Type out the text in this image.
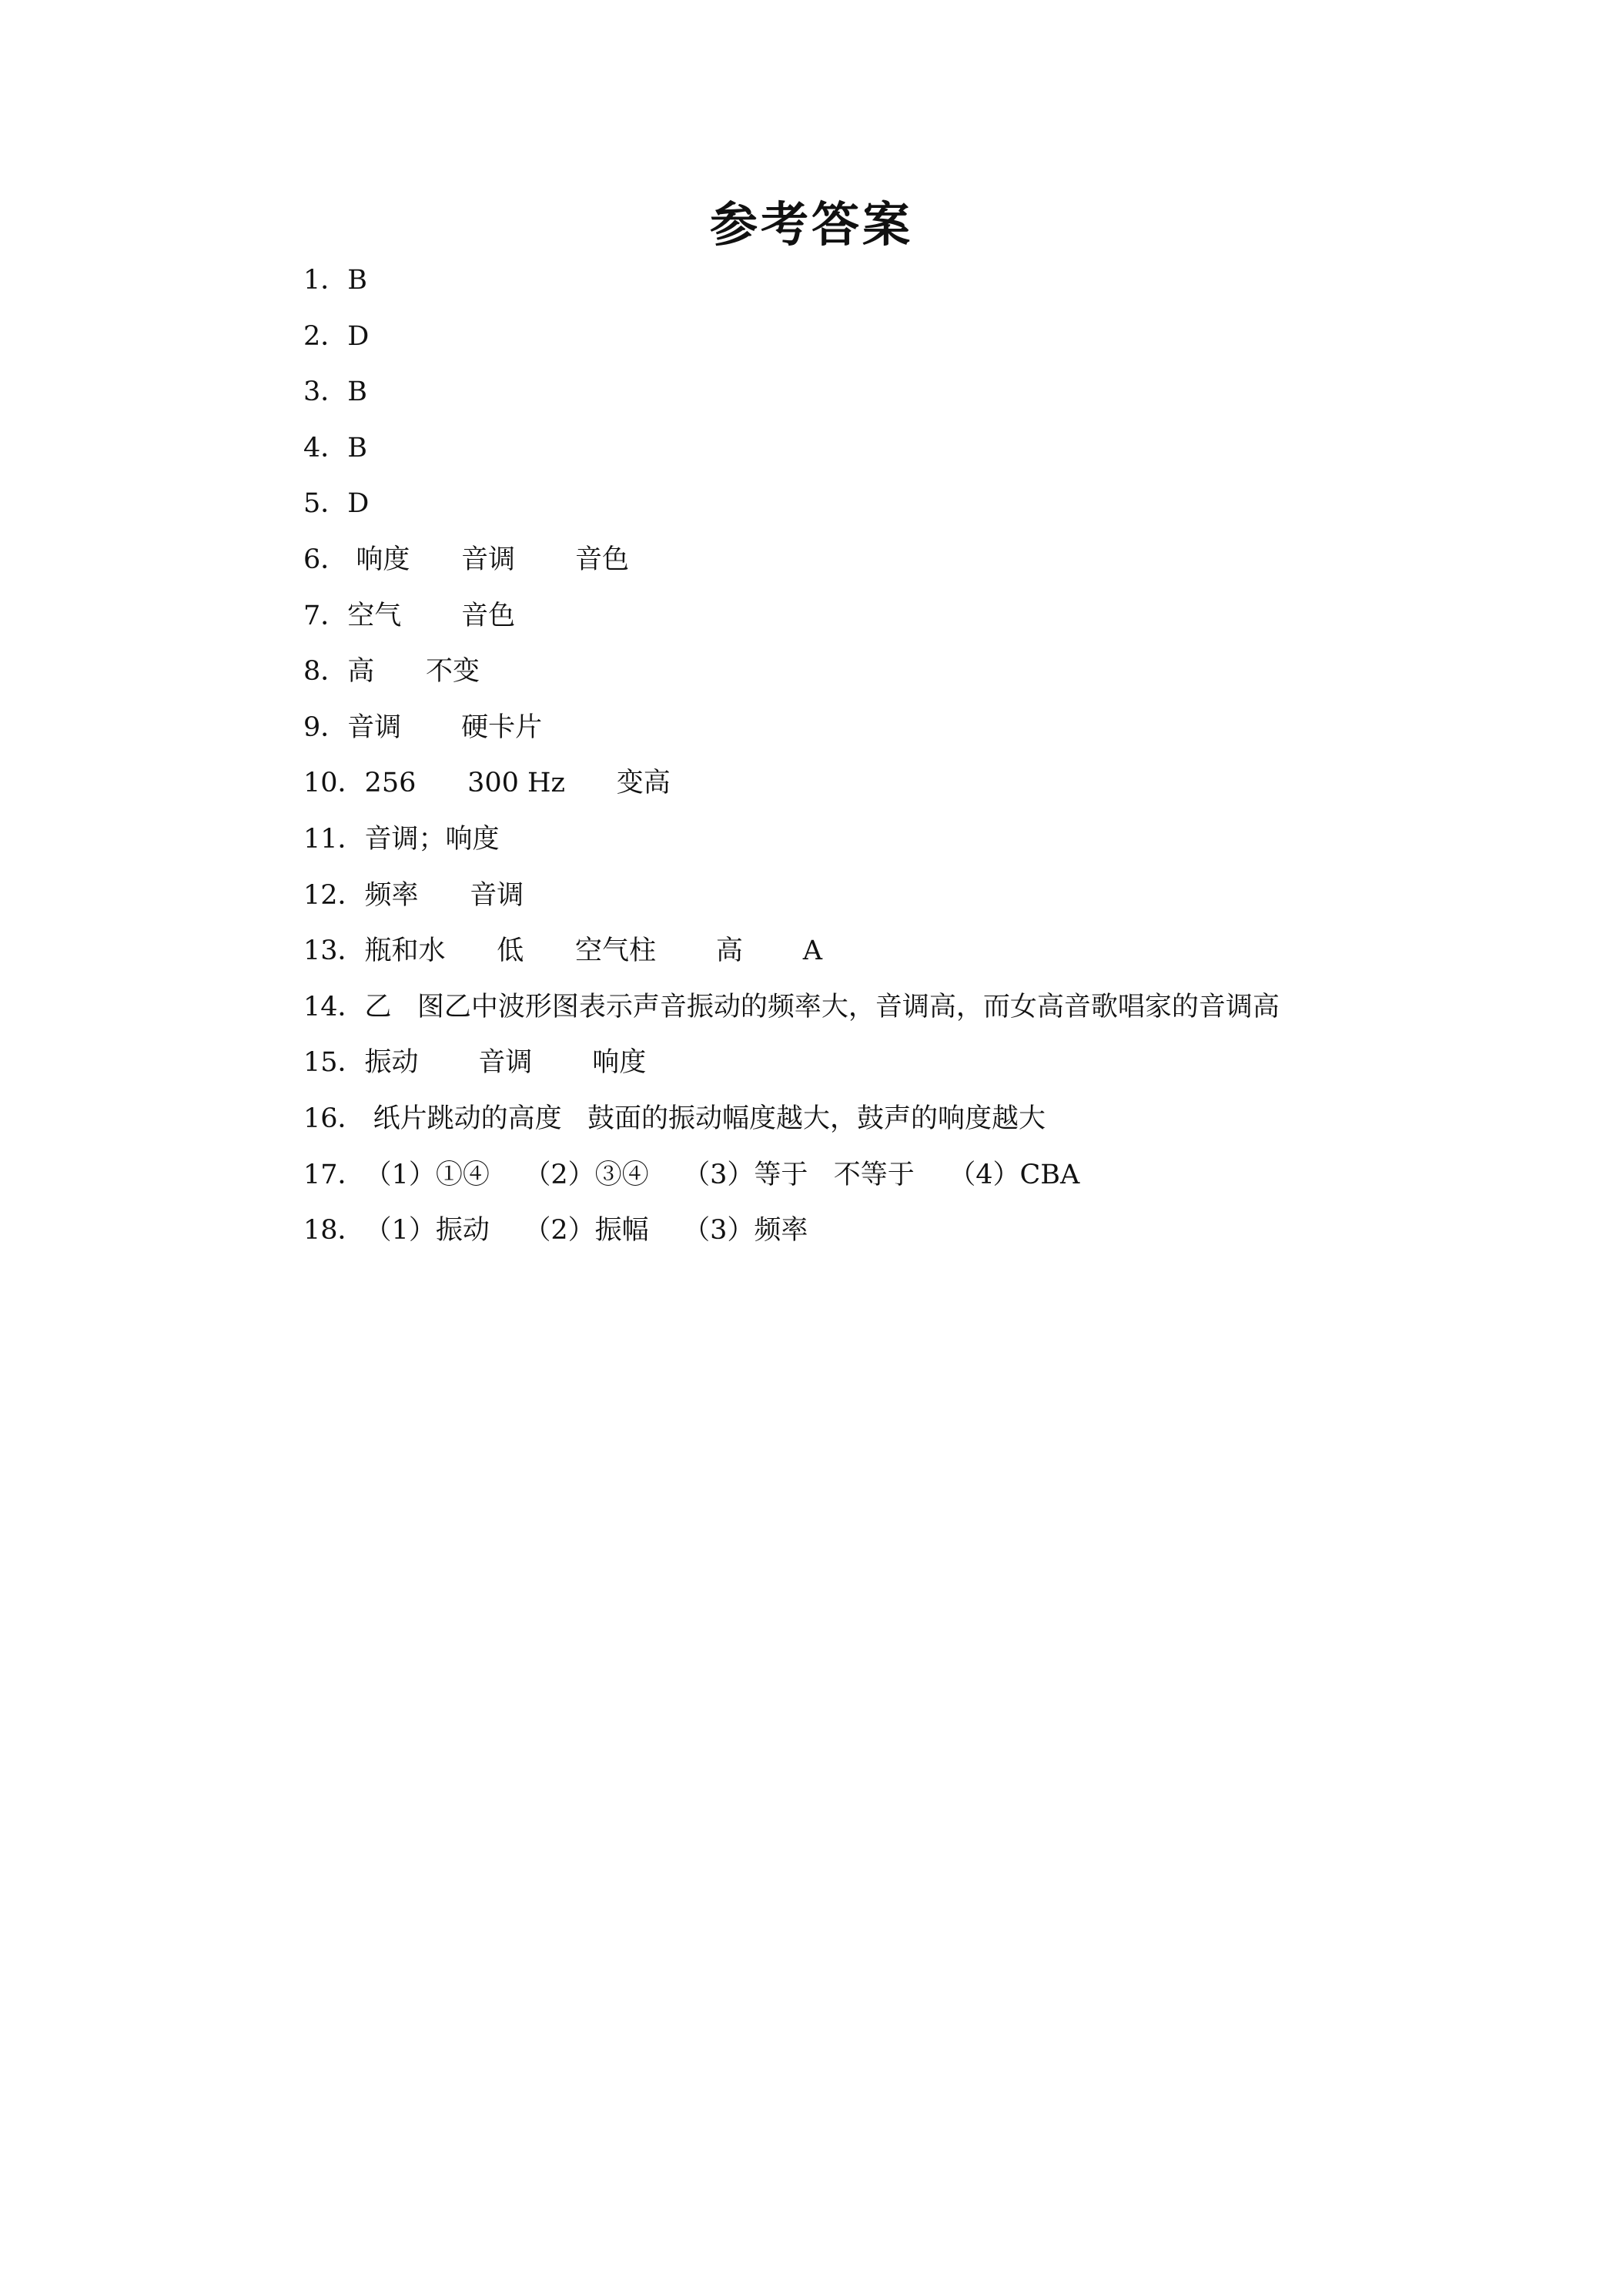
参考答案
1．B
2．D
3．B
4．B
5．D
6． 响度      音调       音色
7．空气       音色
8．高      不变
9．音调       硬卡片
10．256      300 Hz      变高
11．音调；响度
12．频率      音调
13．瓶和水      低      空气柱       高       A
14．乙   图乙中波形图表示声音振动的频率大，音调高，而女高音歌唱家的音调高
15．振动       音调       响度
16． 纸片跳动的高度   鼓面的振动幅度越大，鼓声的响度越大
17．（1）①④    （2）③④    （3）等于   不等于    （4）CBA
18．（1）振动    （2）振幅    （3）频率
